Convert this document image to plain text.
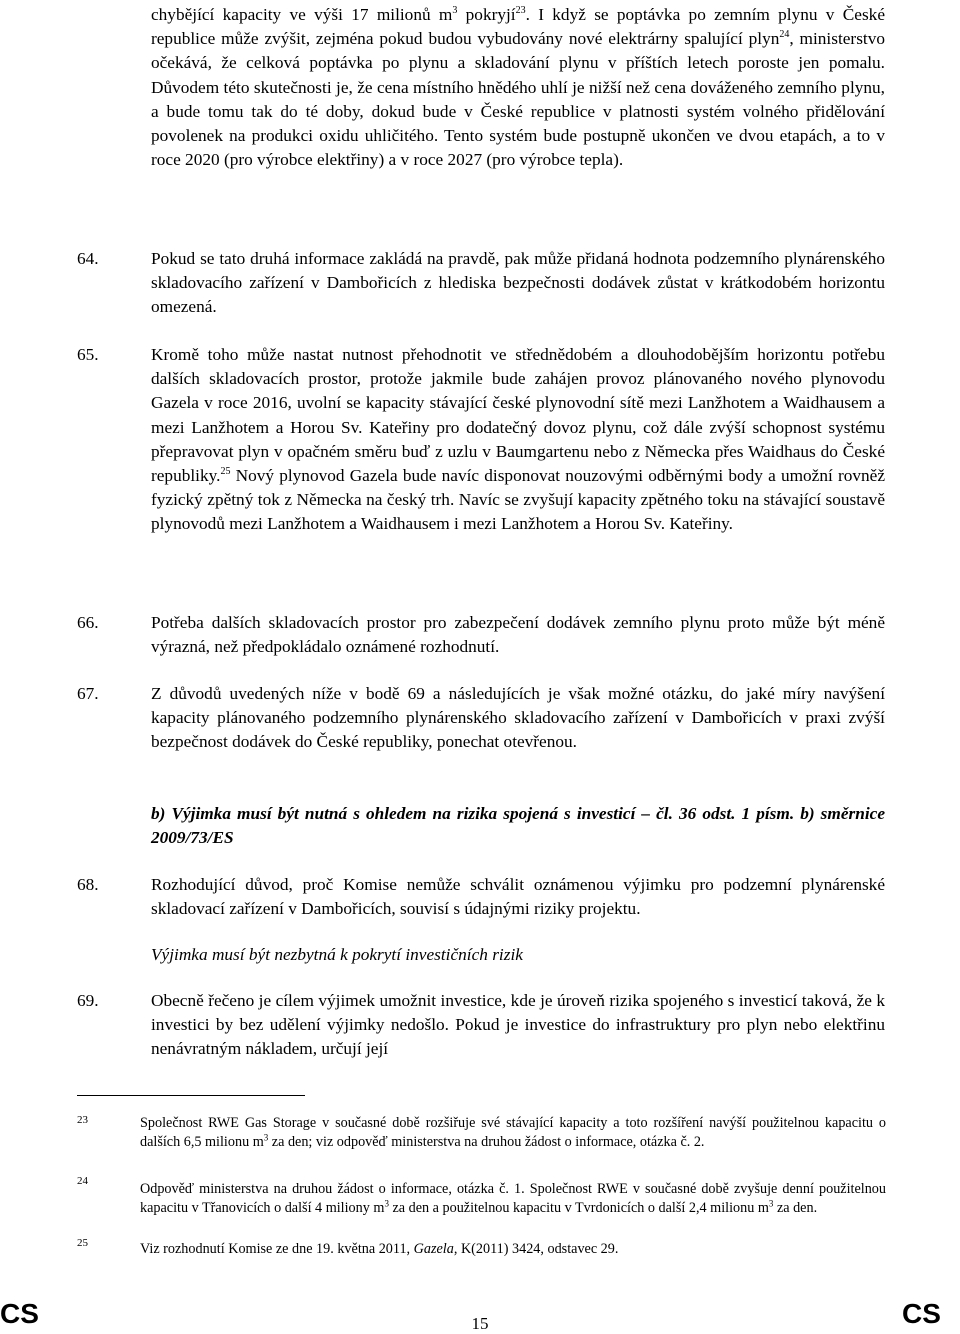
chybějící kapacity ve výši 17 milionů $m^3$ pokryjí$^{23}$. I když se poptávka po zemním plynu v České republice může zvýšit, zejména pokud budou vybudovány nové elektrárny spalující plyn$^{24}$, ministerstvo očekává, že celková poptávka po plynu a skladování plynu v příštích letech poroste jen pomalu. Důvodem této skutečnosti je, že cena místního hnědého uhlí je nižší než cena dováženého zemního plynu, a bude tomu tak do té doby, dokud bude v České republice v platnosti systém volného přidělování povolenek na produkci oxidu uhličitého. Tento systém bude postupně ukončen ve dvou etapách, a to v roce 2020 (pro výrobce elektřiny) a v roce 2027 (pro výrobce tepla).

64.	Pokud se tato druhá informace zakládá na pravdě, pak může přidaná hodnota podzemního plynárenského skladovacího zařízení v Dambořicích z hlediska bezpečnosti dodávek zůstat v krátkodobém horizontu omezená.

65.	Kromě toho může nastat nutnost přehodnotit ve střednědobém a dlouhodobějším horizontu potřebu dalších skladovacích prostor, protože jakmile bude zahájen provoz plánovaného nového plynovodu Gazela v roce 2016, uvolní se kapacity stávající české plynovodní sítě mezi Lanžhotem a Waidhausem a mezi Lanžhotem a Horou Sv. Kateřiny pro dodatečný dovoz plynu, což dále zvýší schopnost systému přepravovat plyn v opačném směru buď z uzlu v Baumgartenu nebo z Německa přes Waidhaus do České republiky.$^{25}$ Nový plynovod Gazela bude navíc disponovat nouzovými odběrnými body a umožní rovněž fyzický zpětný tok z Německa na český trh. Navíc se zvyšují kapacity zpětného toku na stávající soustavě plynovodů mezi Lanžhotem a Waidhausem i mezi Lanžhotem a Horou Sv. Kateřiny.

66.	Potřeba dalších skladovacích prostor pro zabezpečení dodávek zemního plynu proto může být méně výrazná, než předpokládalo oznámené rozhodnutí.

67.	Z důvodů uvedených níže v bodě 69 a následujících je však možné otázku, do jaké míry navýšení kapacity plánovaného podzemního plynárenského skladovacího zařízení v Dambořicích v praxi zvýší bezpečnost dodávek do České republiky, ponechat otevřenou.

b) Výjimka musí být nutná s ohledem na rizika spojená s investicí – čl. 36 odst. 1 písm. b) směrnice 2009/73/ES

68.	Rozhodující důvod, proč Komise nemůže schválit oznámenou výjimku pro podzemní plynárenské skladovací zařízení v Dambořicích, souvisí s údajnými riziky projektu.

Výjimka musí být nezbytná k pokrytí investičních rizik

69.	Obecně řečeno je cílem výjimek umožnit investice, kde je úroveň rizika spojeného s investicí taková, že k investici by bez udělení výjimky nedošlo. Pokud je investice do infrastruktury pro plyn nebo elektřinu nenávratným nákladem, určují její

23	Společnost RWE Gas Storage v současné době rozšiřuje své stávající kapacity a toto rozšíření navýší použitelnou kapacitu o dalších 6,5 milionu $m^3$ za den; viz odpověď ministerstva na druhou žádost o informace, otázka č. 2.

24	Odpověď ministerstva na druhou žádost o informace, otázka č. 1. Společnost RWE v současné době zvyšuje denní použitelnou kapacitu v Třanovicích o další 4 miliony $m^3$ za den a použitelnou kapacitu v Tvrdonicích o další 2,4 milionu $m^3$ za den.

25	Viz rozhodnutí Komise ze dne 19. května 2011, Gazela, K(2011) 3424, odstavec 29.

CS	15	CS
